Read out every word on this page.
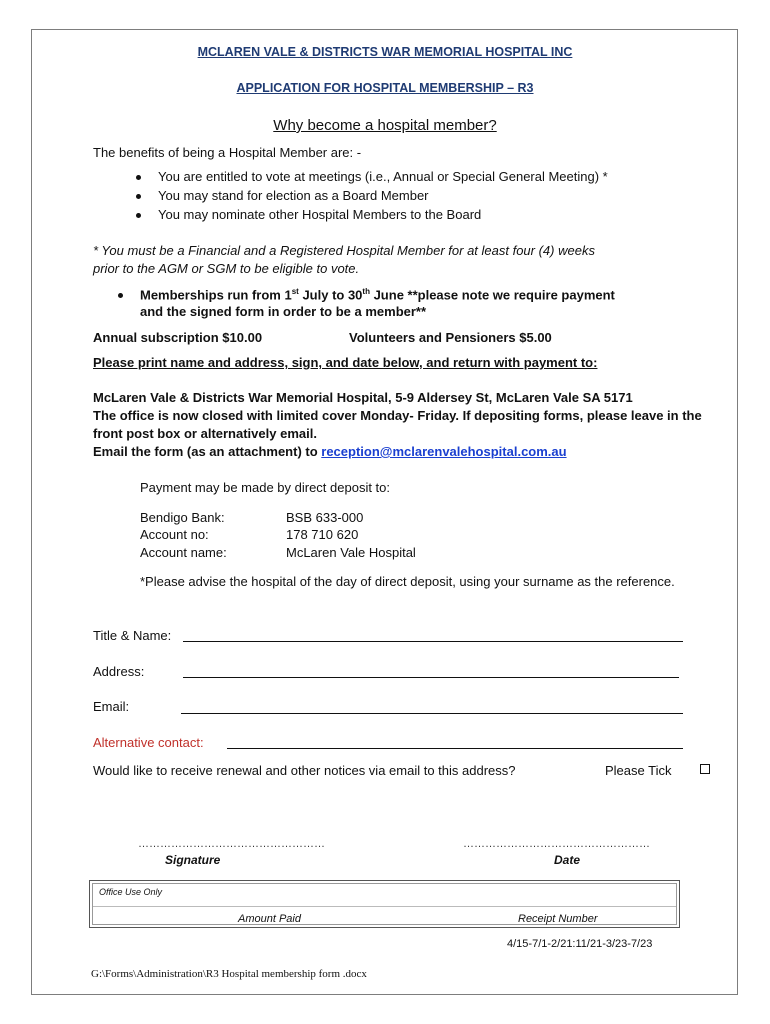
MCLAREN VALE & DISTRICTS WAR MEMORIAL HOSPITAL INC
APPLICATION FOR HOSPITAL MEMBERSHIP – R3
Why become a hospital member?
The benefits of being a Hospital Member are: -
You are entitled to vote at meetings (i.e., Annual or Special General Meeting) *
You may stand for election as a Board Member
You may nominate other Hospital Members to the Board
* You must be a Financial and a Registered Hospital Member for at least four (4) weeks
prior to the AGM or SGM to be eligible to vote.
Memberships run from 1st July to 30th June **please note we require payment
and the signed form in order to be a member**
Annual subscription $10.00	Volunteers and Pensioners $5.00
Please print name and address, sign, and date below, and return with payment to:
McLaren Vale & Districts War Memorial Hospital, 5-9 Aldersey St, McLaren Vale SA 5171
The office is now closed with limited cover Monday- Friday. If depositing forms, please leave in the
front post box or alternatively email.
Email the form (as an attachment) to reception@mclarenvalehospital.com.au
Payment may be made by direct deposit to:
Bendigo Bank:	BSB 633-000
Account no:	178 710 620
Account name:	McLaren Vale Hospital
*Please advise the hospital of the day of direct deposit, using your surname as the reference.
Title & Name:
Address:
Email:
Alternative contact:
Would like to receive renewal and other notices via email to this address?	Please Tick
……………………………………………	……………………………………………
Signature	Date
Office Use Only
Amount Paid	Receipt Number
4/15-7/1-2/21:11/21-3/23-7/23
G:\Forms\Administration\R3 Hospital membership form .docx
